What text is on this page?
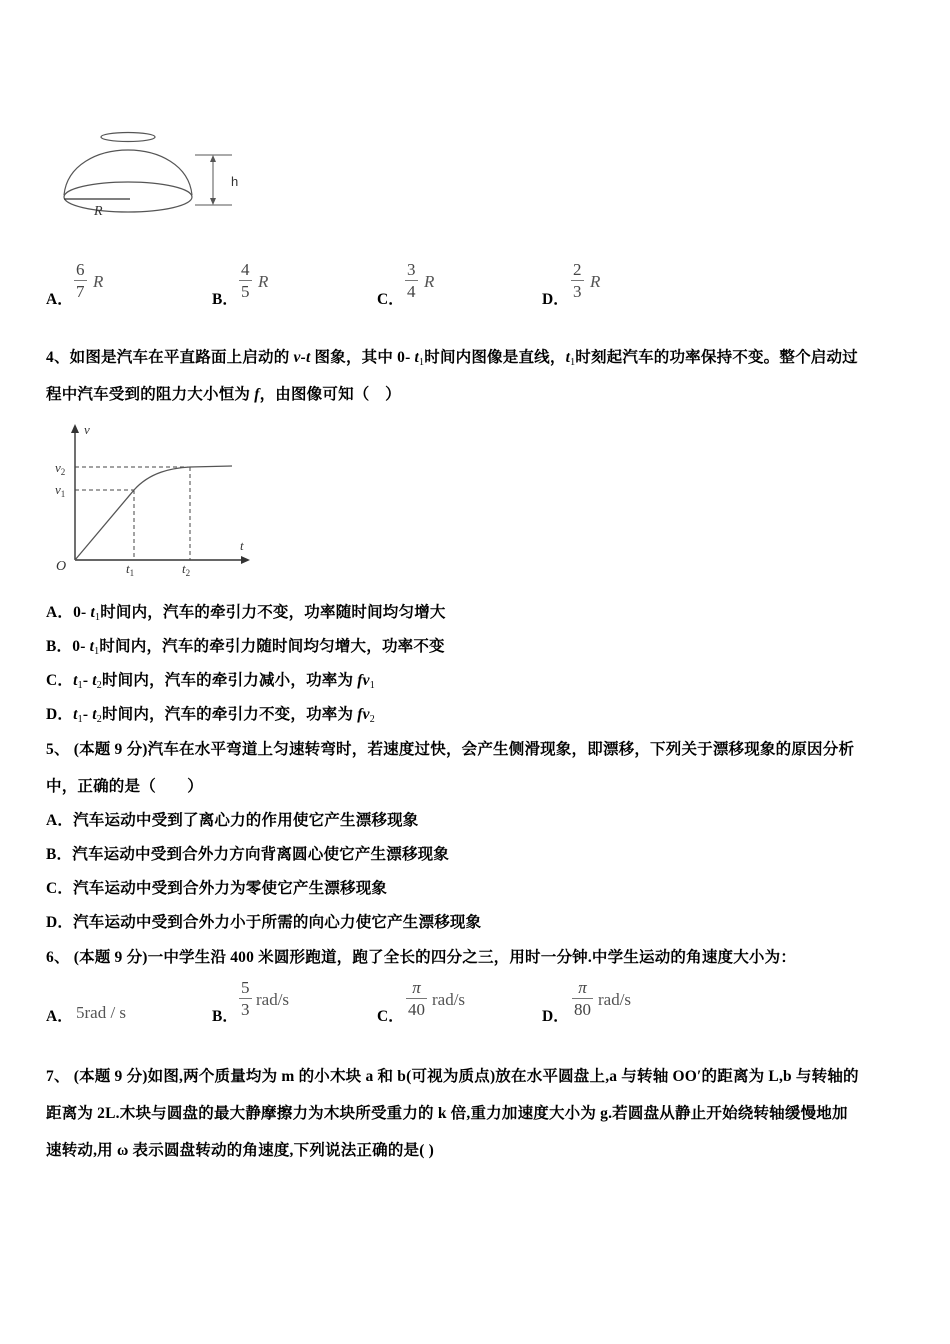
h
R
A． $\frac{6}{7}$ R
B． $\frac{4}{5}$ R
C． $\frac{3}{4}$ R
D． $\frac{2}{3}$ R
4、如图是汽车在平直路面上启动的 v-t 图象，其中 0- $t_1$时间内图像是直线，$t_1$时刻起汽车的功率保持不变。整个启动过
程中汽车受到的阻力大小恒为 f，由图像可知（　）
v
t
O
$v_2$
$v_1$
$t_1$	$t_2$
A．0- $t_1$时间内，汽车的牵引力不变，功率随时间均匀增大
B．0- $t_1$时间内，汽车的牵引力随时间均匀增大，功率不变
C．$t_1-$ $t_2$时间内，汽车的牵引力减小，功率为 $fv_1$
D．$t_1-$ $t_2$时间内，汽车的牵引力不变，功率为 $fv_2$
5、 (本题 9 分)汽车在水平弯道上匀速转弯时，若速度过快，会产生侧滑现象，即漂移，下列关于漂移现象的原因分析
中，正确的是（　　）
A．汽车运动中受到了离心力的作用使它产生漂移现象
B．汽车运动中受到合外力方向背离圆心使它产生漂移现象
C．汽车运动中受到合外力为零使它产生漂移现象
D．汽车运动中受到合外力小于所需的向心力使它产生漂移现象
6、 (本题 9 分)一中学生沿 400 米圆形跑道，跑了全长的四分之三，用时一分钟.中学生运动的角速度大小为：
A． 5rad / s	B． $\frac{5}{3} rad/s$
C． $\frac{\pi}{40} rad/s$
D． $\frac{\pi}{80} rad/s$
7、 (本题 9 分)如图,两个质量均为 m 的小木块 a 和 b(可视为质点)放在水平圆盘上,a 与转轴 OO′的距离为 L,b 与转轴的
距离为 2L.木块与圆盘的最大静摩擦力为木块所受重力的 k 倍,重力加速度大小为 g.若圆盘从静止开始绕转轴缓慢地加
速转动,用 ω 表示圆盘转动的角速度,下列说法正确的是( )
